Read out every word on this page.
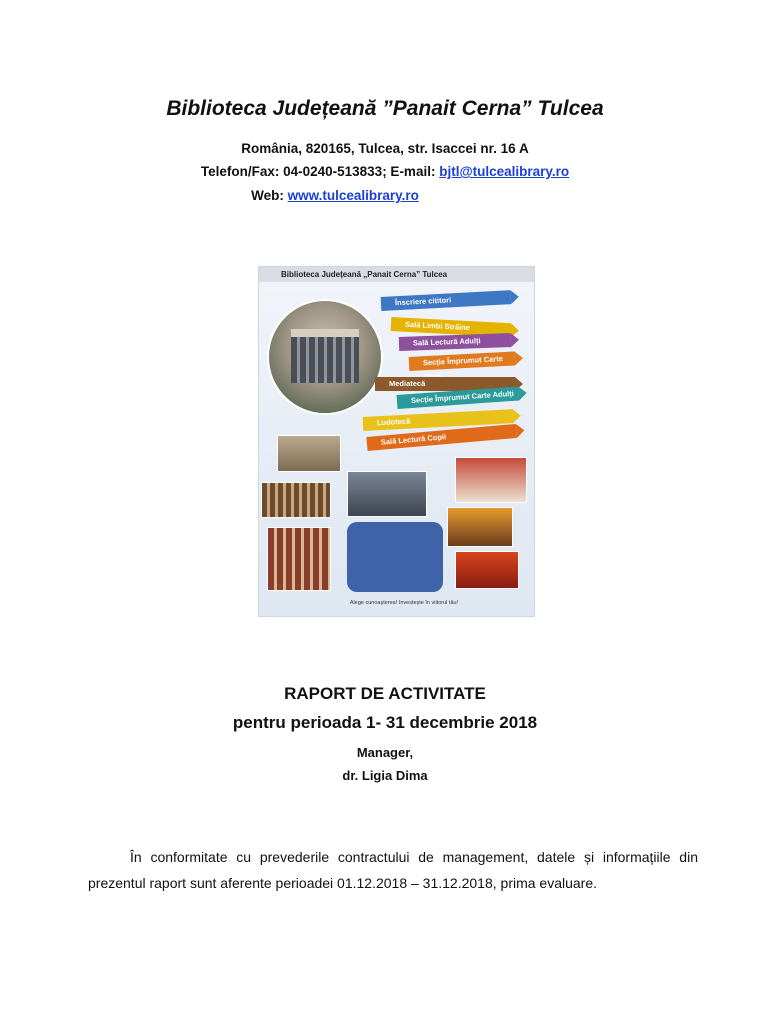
Biblioteca Județeană ”Panait Cerna” Tulcea
România, 820165, Tulcea, str. Isaccei nr. 16 A
Telefon/Fax: 04-0240-513833; E-mail: bjtl@tulcealibrary.ro
Web: www.tulcealibrary.ro
Biblioteca Județeană „Panait Cerna” Tulcea
Înscriere cititori
Sală Limbi Străine
Sală Lectură Adulți
Secție Împrumut Carte
Mediatecă
Secție Împrumut Carte Adulți
Ludotecă
Sală Lectură Copii
Alege cunoașterea! Investește în viitorul tău!
RAPORT DE ACTIVITATE
pentru perioada 1- 31 decembrie 2018
Manager,
dr. Ligia Dima
În conformitate cu prevederile contractului de management, datele și informațiile din prezentul raport sunt aferente perioadei 01.12.2018 – 31.12.2018, prima evaluare.
